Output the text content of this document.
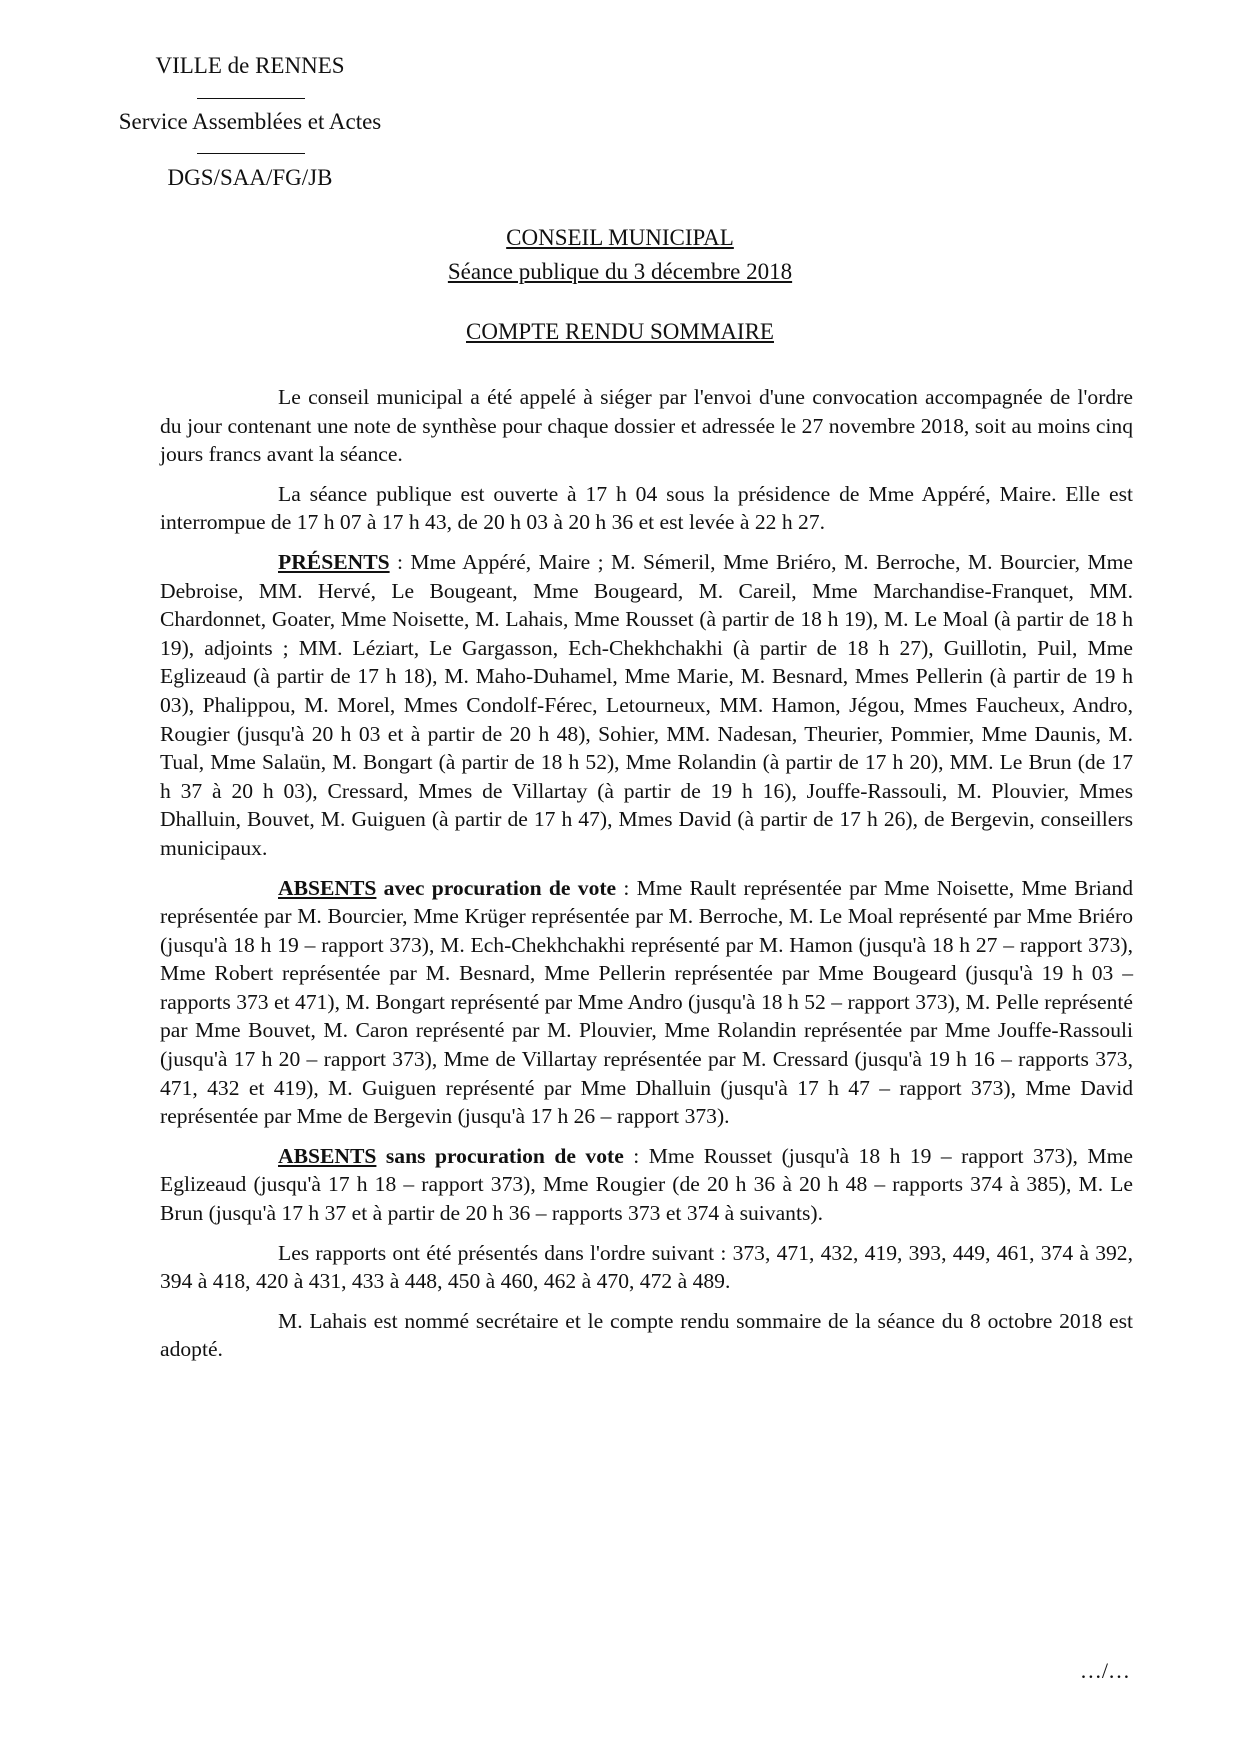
VILLE de RENNES
Service Assemblées et Actes
DGS/SAA/FG/JB
CONSEIL MUNICIPAL
Séance publique du 3 décembre 2018
COMPTE RENDU SOMMAIRE

Le conseil municipal a été appelé à siéger par l'envoi d'une convocation accompagnée de l'ordre du jour contenant une note de synthèse pour chaque dossier et adressée le 27 novembre 2018, soit au moins cinq jours francs avant la séance.

La séance publique est ouverte à 17 h 04 sous la présidence de Mme Appéré, Maire. Elle est interrompue de 17 h 07 à 17 h 43, de 20 h 03 à 20 h 36 et est levée à 22 h 27.

PRÉSENTS : Mme Appéré, Maire ; M. Sémeril, Mme Briéro, M. Berroche, M. Bourcier, Mme Debroise, MM. Hervé, Le Bougeant, Mme Bougeard, M. Careil, Mme Marchandise-Franquet, MM. Chardonnet, Goater, Mme Noisette, M. Lahais, Mme Rousset (à partir de 18 h 19), M. Le Moal (à partir de 18 h 19), adjoints ; MM. Léziart, Le Gargasson, Ech-Chekhchakhi (à partir de 18 h 27), Guillotin, Puil, Mme Eglizeaud (à partir de 17 h 18), M. Maho-Duhamel, Mme Marie, M. Besnard, Mmes Pellerin (à partir de 19 h 03), Phalippou, M. Morel, Mmes Condolf-Férec, Letourneux, MM. Hamon, Jégou, Mmes Faucheux, Andro, Rougier (jusqu'à 20 h 03 et à partir de 20 h 48), Sohier, MM. Nadesan, Theurier, Pommier, Mme Daunis, M. Tual, Mme Salaün, M. Bongart (à partir de 18 h 52), Mme Rolandin (à partir de 17 h 20), MM. Le Brun (de 17 h 37 à 20 h 03), Cressard, Mmes de Villartay (à partir de 19 h 16), Jouffe-Rassouli, M. Plouvier, Mmes Dhalluin, Bouvet, M. Guiguen (à partir de 17 h 47), Mmes David (à partir de 17 h 26), de Bergevin, conseillers municipaux.

ABSENTS avec procuration de vote : Mme Rault représentée par Mme Noisette, Mme Briand représentée par M. Bourcier, Mme Krüger représentée par M. Berroche, M. Le Moal représenté par Mme Briéro (jusqu'à 18 h 19 – rapport 373), M. Ech-Chekhchakhi représenté par M. Hamon (jusqu'à 18 h 27 – rapport 373), Mme Robert représentée par M. Besnard, Mme Pellerin représentée par Mme Bougeard (jusqu'à 19 h 03 – rapports 373 et 471), M. Bongart représenté par Mme Andro (jusqu'à 18 h 52 – rapport 373), M. Pelle représenté par Mme Bouvet, M. Caron représenté par M. Plouvier, Mme Rolandin représentée par Mme Jouffe-Rassouli (jusqu'à 17 h 20 – rapport 373), Mme de Villartay représentée par M. Cressard (jusqu'à 19 h 16 – rapports 373, 471, 432 et 419), M. Guiguen représenté par Mme Dhalluin (jusqu'à 17 h 47 – rapport 373), Mme David représentée par Mme de Bergevin (jusqu'à 17 h 26 – rapport 373).

ABSENTS sans procuration de vote : Mme Rousset (jusqu'à 18 h 19 – rapport 373), Mme Eglizeaud (jusqu'à 17 h 18 – rapport 373), Mme Rougier (de 20 h 36 à 20 h 48 – rapports 374 à 385), M. Le Brun (jusqu'à 17 h 37 et à partir de 20 h 36 – rapports 373 et 374 à suivants).

Les rapports ont été présentés dans l'ordre suivant : 373, 471, 432, 419, 393, 449, 461, 374 à 392, 394 à 418, 420 à 431, 433 à 448, 450 à 460, 462 à 470, 472 à 489.

M. Lahais est nommé secrétaire et le compte rendu sommaire de la séance du 8 octobre 2018 est adopté.

…/…
